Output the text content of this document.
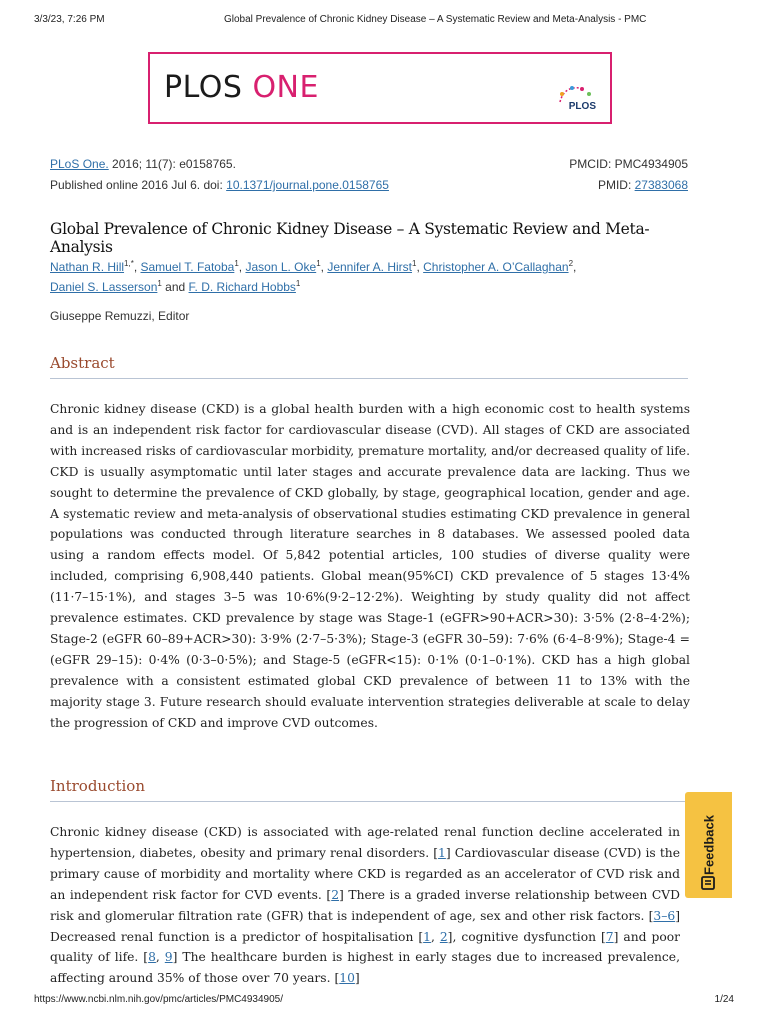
3/3/23, 7:26 PM	Global Prevalence of Chronic Kidney Disease – A Systematic Review and Meta-Analysis - PMC
PLOS ONE
PLOS
PLoS One. 2016; 11(7): e0158765.	PMCID: PMC4934905
Published online 2016 Jul 6. doi: 10.1371/journal.pone.0158765	PMID: 27383068
Global Prevalence of Chronic Kidney Disease – A Systematic Review and Meta-Analysis
Nathan R. Hill$^{1,*}$, Samuel T. Fatoba$^1$, Jason L. Oke$^1$, Jennifer A. Hirst$^1$, Christopher A. O’Callaghan$^2$,
Daniel S. Lasserson$^1$ and F. D. Richard Hobbs$^1$
Giuseppe Remuzzi, Editor
Abstract
Chronic kidney disease (CKD) is a global health burden with a high economic cost to health systems and is an independent risk factor for cardiovascular disease (CVD). All stages of CKD are associated with increased risks of cardiovascular morbidity, premature mortality, and/or decreased quality of life. CKD is usually asymptomatic until later stages and accurate prevalence data are lacking. Thus we sought to determine the prevalence of CKD globally, by stage, geographical location, gender and age. A systematic review and meta-analysis of observational studies estimating CKD prevalence in general populations was conducted through literature searches in 8 databases. We assessed pooled data using a random effects model. Of 5,842 potential articles, 100 studies of diverse quality were included, comprising 6,908,440 patients. Global mean(95%CI) CKD prevalence of 5 stages 13·4%(11·7–15·1%), and stages 3–5 was 10·6%(9·2–12·2%). Weighting by study quality did not affect prevalence estimates. CKD prevalence by stage was Stage-1 (eGFR>90+ACR>30): 3·5% (2·8–4·2%); Stage-2 (eGFR 60–89+ACR>30): 3·9% (2·7–5·3%); Stage-3 (eGFR 30–59): 7·6% (6·4–8·9%); Stage-4 = (eGFR 29–15): 0·4% (0·3–0·5%); and Stage-5 (eGFR<15): 0·1% (0·1–0·1%). CKD has a high global prevalence with a consistent estimated global CKD prevalence of between 11 to 13% with the majority stage 3. Future research should evaluate intervention strategies deliverable at scale to delay the progression of CKD and improve CVD outcomes.
Introduction
Chronic kidney disease (CKD) is associated with age-related renal function decline accelerated in hypertension, diabetes, obesity and primary renal disorders. [1] Cardiovascular disease (CVD) is the primary cause of morbidity and mortality where CKD is regarded as an accelerator of CVD risk and an independent risk factor for CVD events. [2] There is a graded inverse relationship between CVD risk and glomerular filtration rate (GFR) that is independent of age, sex and other risk factors. [3–6] Decreased renal function is a predictor of hospitalisation [1, 2], cognitive dysfunction [7] and poor quality of life. [8, 9] The healthcare burden is highest in early stages due to increased prevalence, affecting around 35% of those over 70 years. [10]
Feedback
https://www.ncbi.nlm.nih.gov/pmc/articles/PMC4934905/	1/24
